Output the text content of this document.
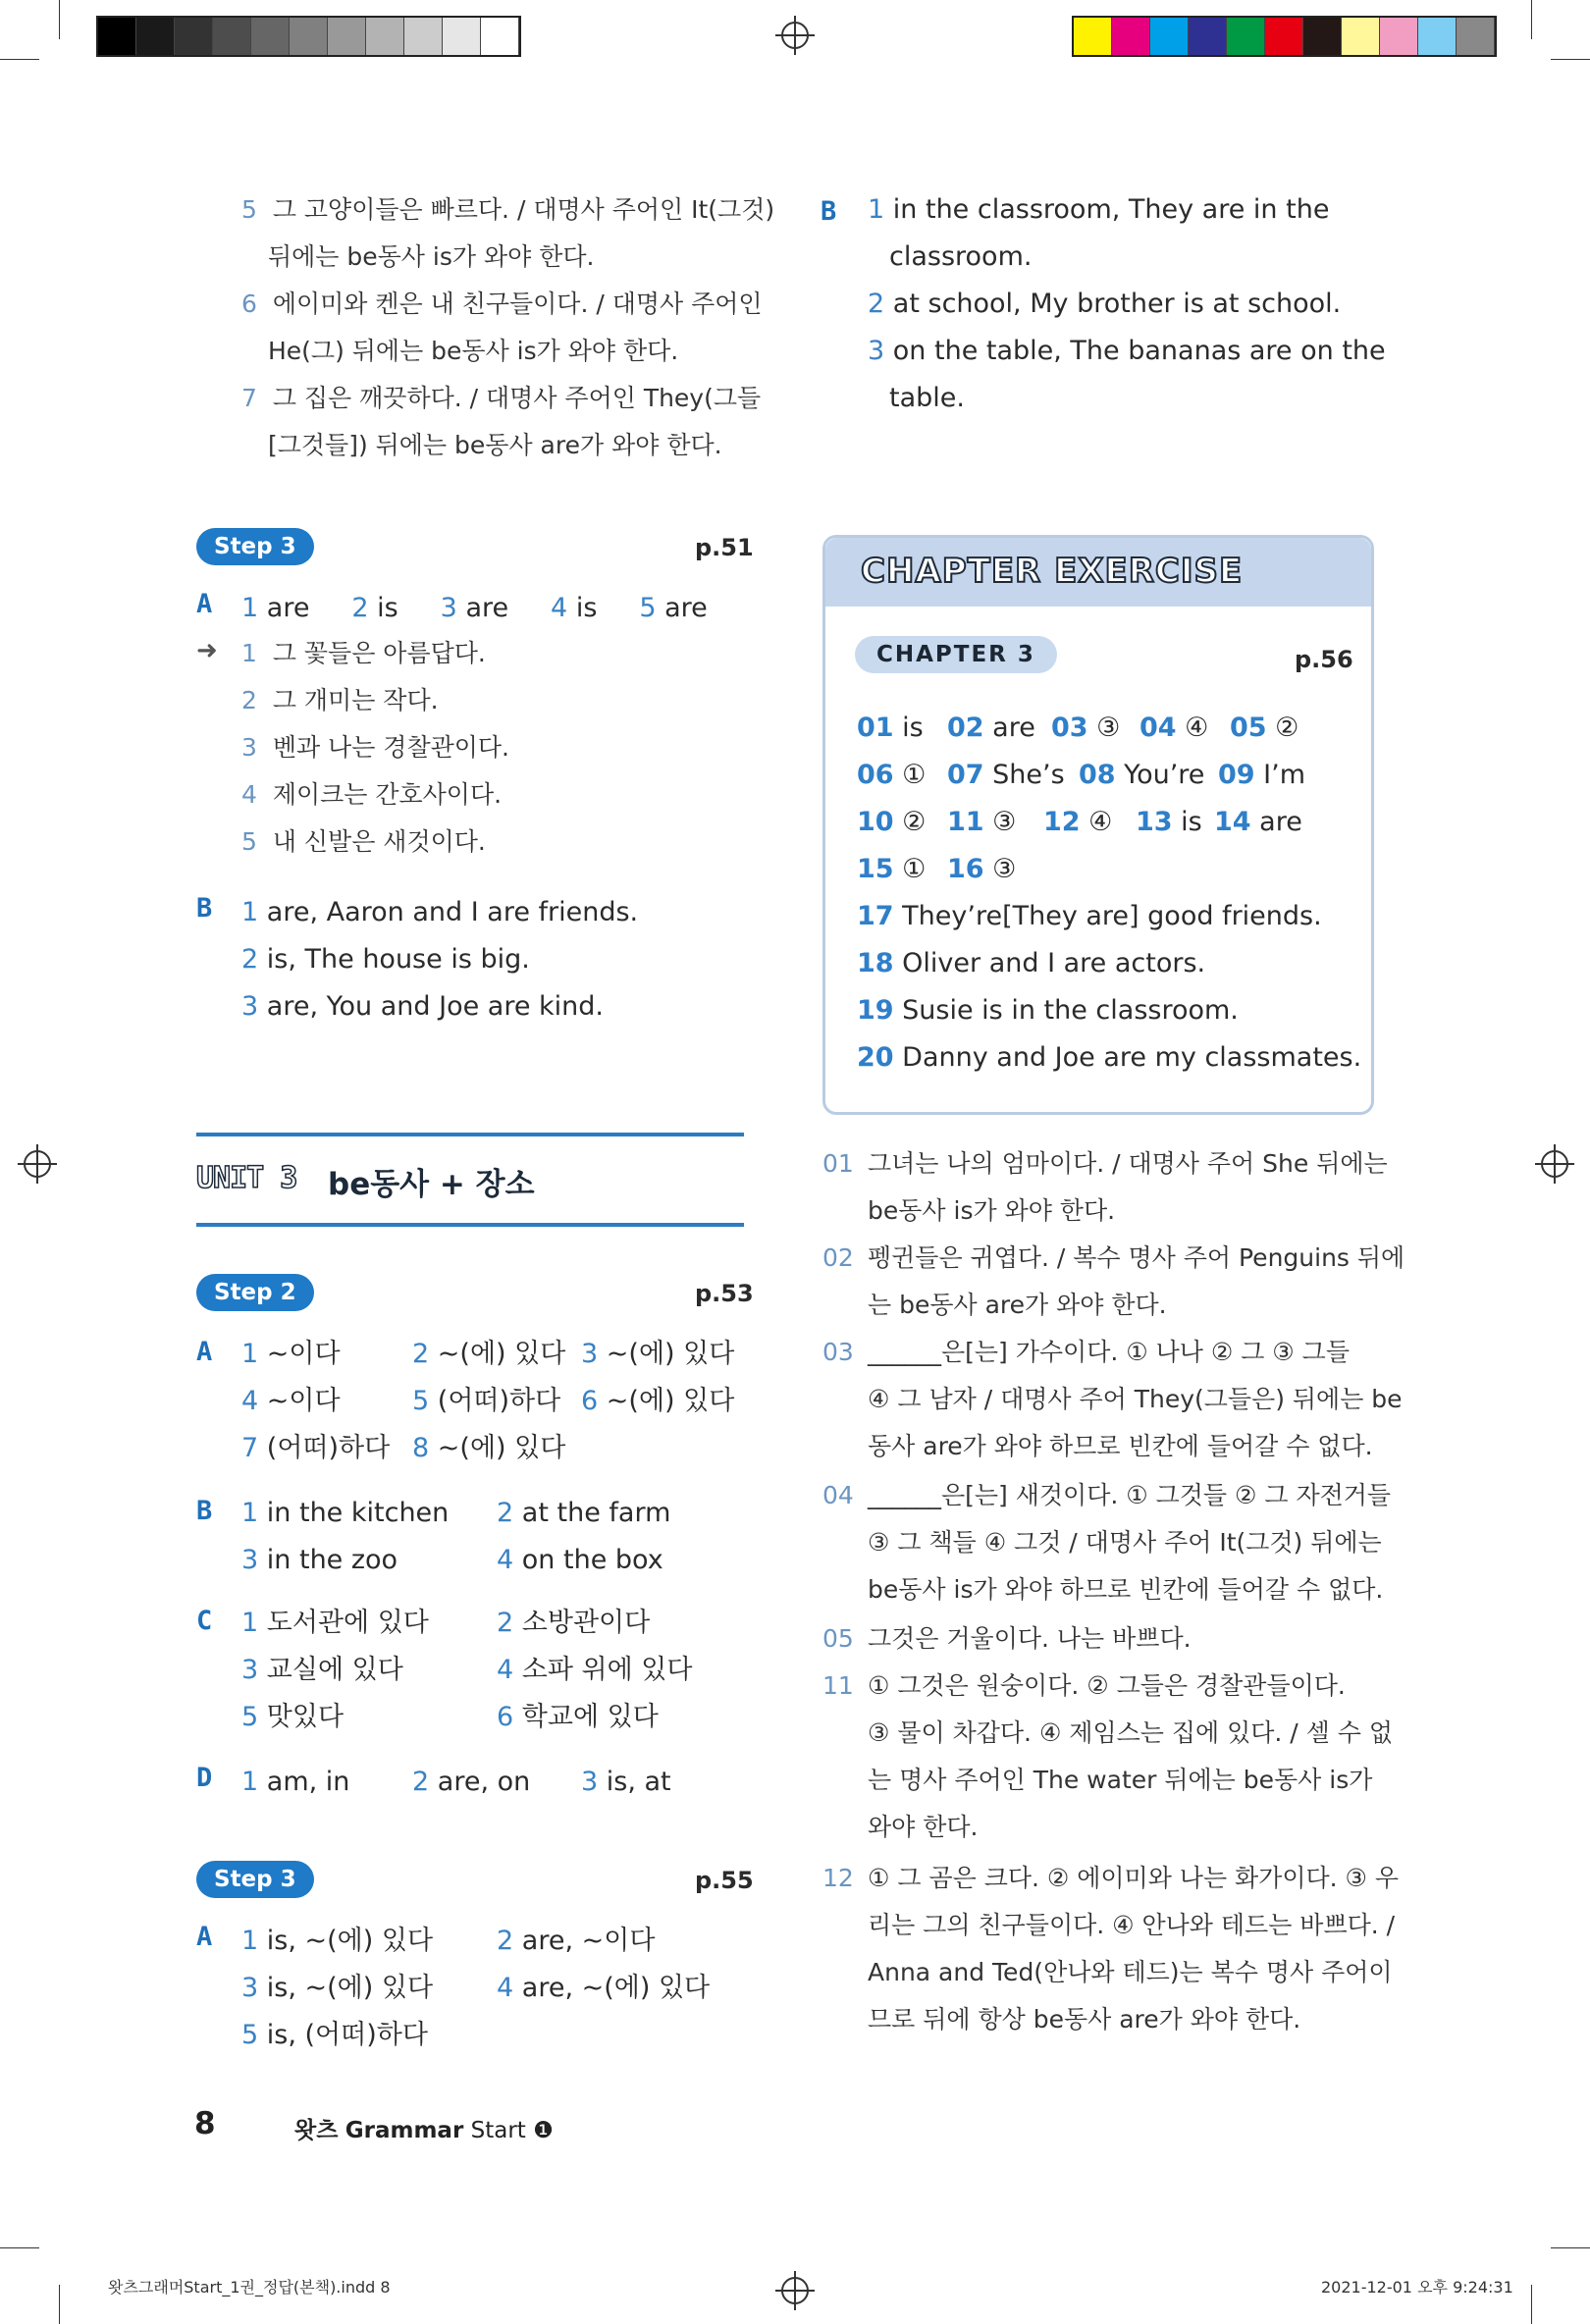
왓츠그래머Start_1권_정답(본책).indd 8	2021-12-01 오후 9:24:31
5 그 고양이들은 빠르다. / 대명사 주어인 It(그것)
뒤에는 be동사 is가 와야 한다.
6 에이미와 켄은 내 친구들이다. / 대명사 주어인
He(그) 뒤에는 be동사 is가 와야 한다.
7 그 집은 깨끗하다. / 대명사 주어인 They(그들
[그것들]) 뒤에는 be동사 are가 와야 한다.
Step 3	p.51
A 1 are 2 is 3 are 4 is 5 are
➜ 1 그 꽃들은 아름답다.
2 그 개미는 작다.
3 벤과 나는 경찰관이다.
4 제이크는 간호사이다.
5 내 신발은 새것이다.
B 1 are, Aaron and I are friends.
2 is, The house is big.
3 are, You and Joe are kind.
UNIT 3 be동사 + 장소
Step 2	p.53
A 1 ~이다	2 ~(에) 있다 3 ~(에) 있다
4 ~이다	5 (어떠)하다 6 ~(에) 있다
7 (어떠)하다 8 ~(에) 있다
B 1 in the kitchen 2 at the farm
3 in the zoo	4 on the box
C 1 도서관에 있다	2 소방관이다
3 교실에 있다	4 소파 위에 있다
5 맛있다	6 학교에 있다
D 1 am, in 2 are, on 3 is, at
Step 3	p.55
A 1 is, ~(에) 있다 2 are, ~이다
3 is, ~(에) 있다 4 are, ~(에) 있다
5 is, (어떠)하다
8	왓츠 Grammar Start ❶
B 1 in the classroom, They are in the
classroom.
2 at school, My brother is at school.
3 on the table, The bananas are on the
table.
CHAPTER EXERCISE
CHAPTER 3	p.56
01 is 02 are 03 ③ 04 ④ 05 ②
06 ① 07 She’s 08 You’re 09 I’m
10 ② 11 ③ 12 ④ 13 is 14 are
15 ① 16 ③
17 They’re[They are] good friends.
18 Oliver and I are actors.
19 Susie is in the classroom.
20 Danny and Joe are my classmates.
01 그녀는 나의 엄마이다. / 대명사 주어 She 뒤에는
be동사 is가 와야 한다.
02 펭귄들은 귀엽다. / 복수 명사 주어 Penguins 뒤에
는 be동사 are가 와야 한다.
03 ______은[는] 가수이다. ① 나나 ② 그 ③ 그들
④ 그 남자 / 대명사 주어 They(그들은) 뒤에는 be
동사 are가 와야 하므로 빈칸에 들어갈 수 없다.
04 ______은[는] 새것이다. ① 그것들 ② 그 자전거들
③ 그 책들 ④ 그것 / 대명사 주어 It(그것) 뒤에는
be동사 is가 와야 하므로 빈칸에 들어갈 수 없다.
05 그것은 거울이다. 나는 바쁘다.
11 ① 그것은 원숭이다. ② 그들은 경찰관들이다.
③ 물이 차갑다. ④ 제임스는 집에 있다. / 셀 수 없
는 명사 주어인 The water 뒤에는 be동사 is가
와야 한다.
12 ① 그 곰은 크다. ② 에이미와 나는 화가이다. ③ 우
리는 그의 친구들이다. ④ 안나와 테드는 바쁘다. /
Anna and Ted(안나와 테드)는 복수 명사 주어이
므로 뒤에 항상 be동사 are가 와야 한다.
